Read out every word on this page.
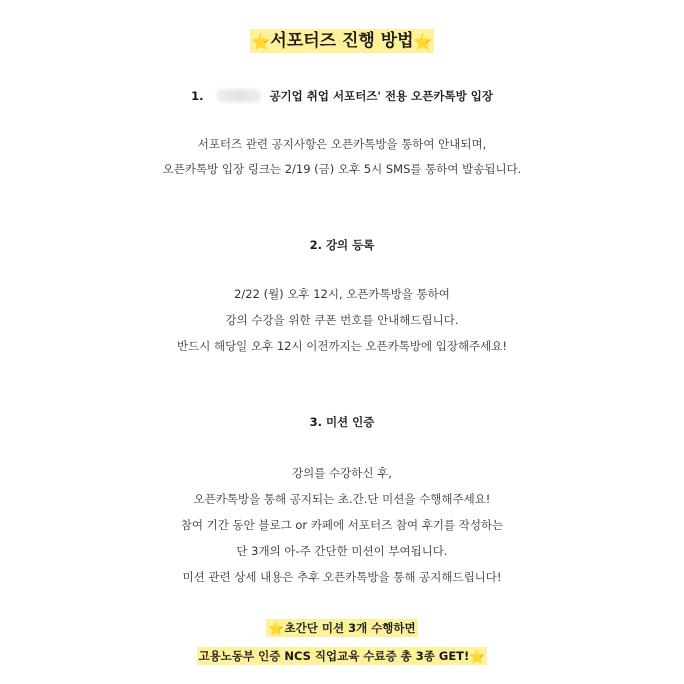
⭐서포터즈 진행 방법⭐
1.	공기업 취업 서포터즈' 전용 오픈카톡방 입장
서포터즈 관련 공지사항은 오픈카톡방을 통하여 안내되며,
오픈카톡방 입장 링크는 2/19 (금) 오후 5시 SMS를 통하여 발송됩니다.
2. 강의 등록
2/22 (월) 오후 12시, 오픈카톡방을 통하여
강의 수강을 위한 쿠폰 번호를 안내해드립니다.
반드시 해당일 오후 12시 이전까지는 오픈카톡방에 입장해주세요!
3. 미션 인증
강의를 수강하신 후,
오픈카톡방을 통해 공지되는 초.간.단 미션을 수행해주세요!
참여 기간 동안 블로그 or 카페에 서포터즈 참여 후기를 작성하는
단 3개의 아-주 간단한 미션이 부여됩니다.
미션 관련 상세 내용은 추후 오픈카톡방을 통해 공지해드립니다!
⭐초간단 미션 3개 수행하면
고용노동부 인증 NCS 직업교육 수료증 총 3종 GET!⭐
